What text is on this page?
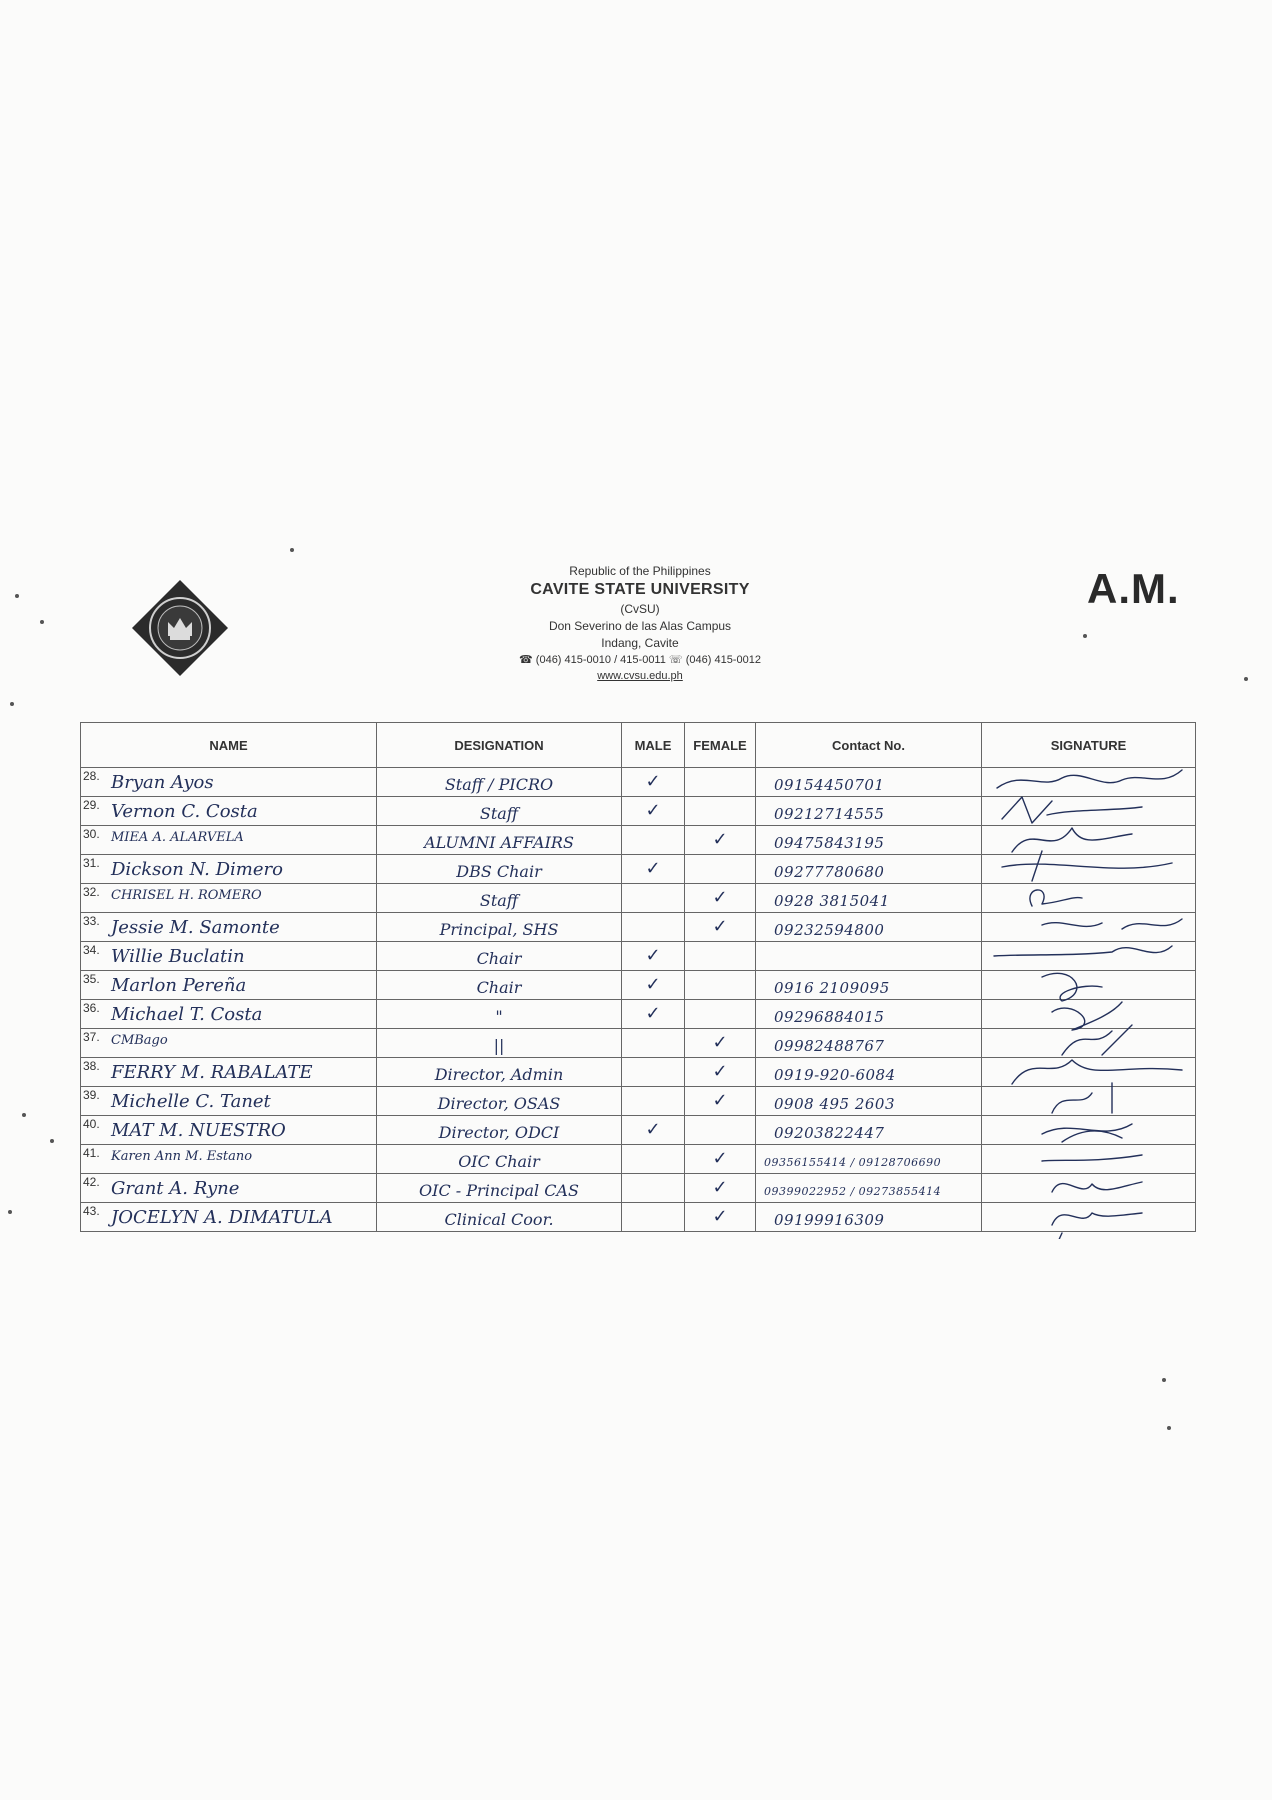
Republic of the Philippines
CAVITE STATE UNIVERSITY
(CvSU)
Don Severino de las Alas Campus
Indang, Cavite
☎ (046) 415-0010 / 415-0011 ☏ (046) 415-0012
www.cvsu.edu.ph
A.M.
NAME	DESIGNATION	MALE	FEMALE	Contact No.	SIGNATURE

28. Bryan Ayos	Staff / PICRO	✓		09154450701

29. Vernon C. Costa	Staff	✓		09212714555

30. MIEA A. ALARVELA	ALUMNI AFFAIRS		✓	09475843195

31. Dickson N. Dimero	DBS Chair	✓		09277780680

32. CHRISEL H. ROMERO	Staff		✓	0928 3815041

33. Jessie M. Samonte	Principal, SHS		✓	09232594800

34. Willie Buclatin	Chair	✓

35. Marlon Pereña	Chair	✓		0916 2109095

36. Michael T. Costa	"	✓		09296884015

37. CMBago	||		✓	09982488767

38. FERRY M. RABALATE	Director, Admin		✓	0919-920-6084

39. Michelle C. Tanet	Director, OSAS		✓	0908 495 2603

40. MAT M. NUESTRO	Director, ODCI	✓		09203822447

41. Karen Ann M. Estano	OIC Chair		✓	09356155414 / 09128706690

42. Grant A. Ryne	OIC - Principal CAS		✓	09399022952 / 09273855414

43. JOCELYN A. DIMATULA	Clinical Coor.		✓	09199916309
